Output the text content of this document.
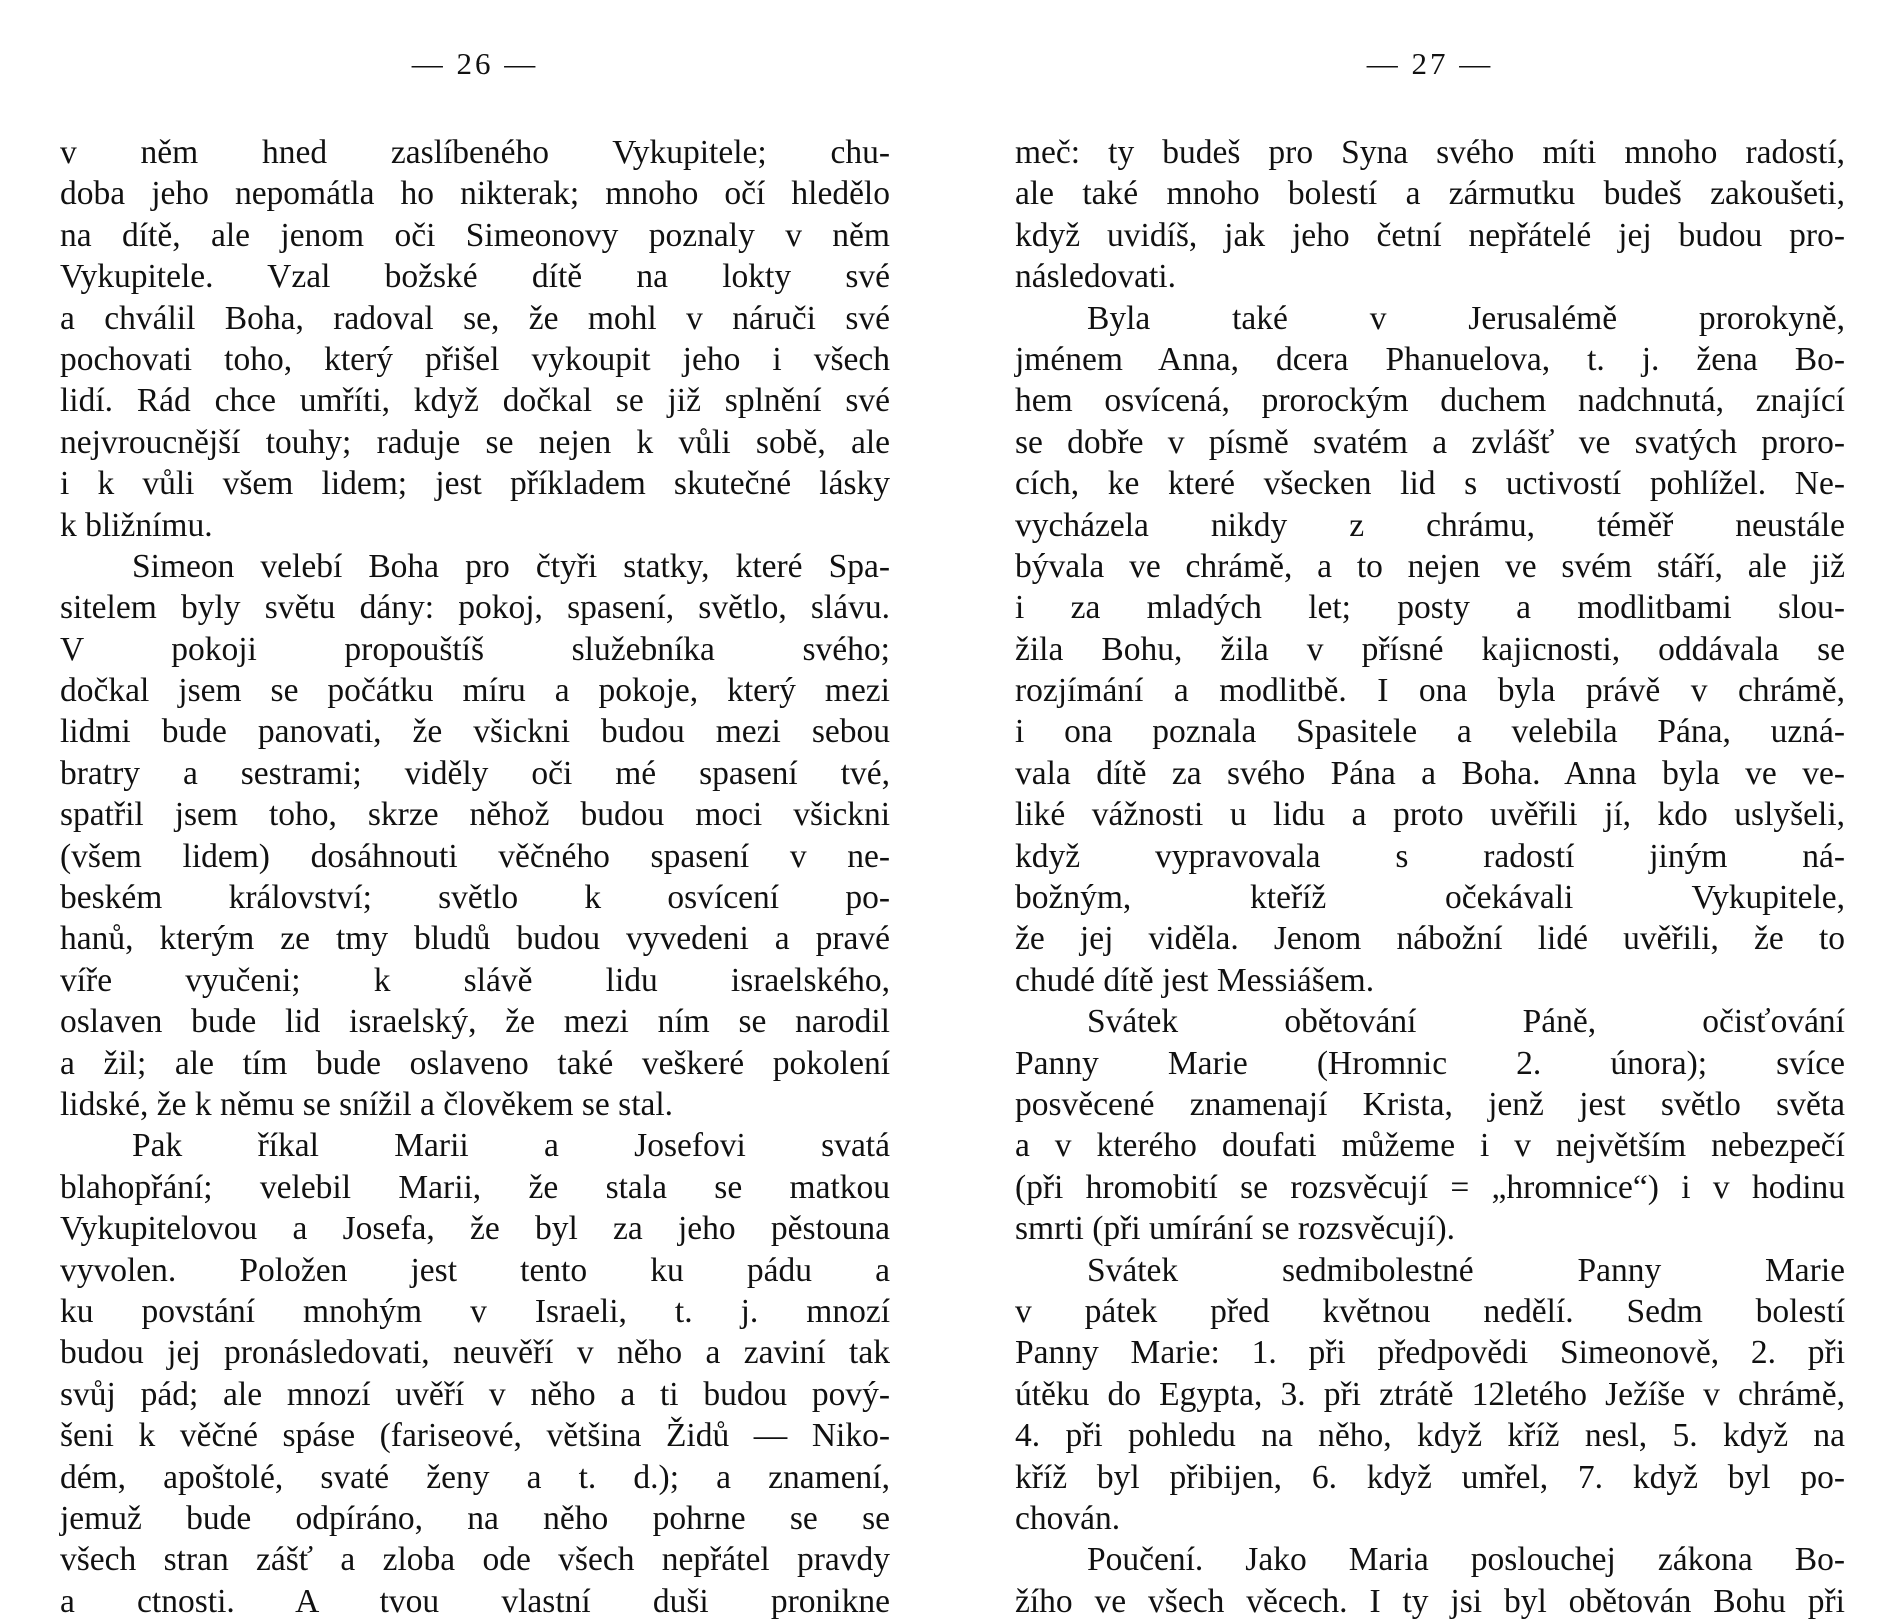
— 26 —
v něm hned zaslíbeného Vykupitele; chu-
doba jeho nepomátla ho nikterak; mnoho očí hledělo
na dítě, ale jenom oči Simeonovy poznaly v něm
Vykupitele. Vzal božské dítě na lokty své
a chválil Boha, radoval se, že mohl v náruči své
pochovati toho, který přišel vykoupit jeho i všech
lidí. Rád chce umříti, když dočkal se již splnění své
nejvroucnější touhy; raduje se nejen k vůli sobě, ale
i k vůli všem lidem; jest příkladem skutečné lásky
k bližnímu.
Simeon velebí Boha pro čtyři statky, které Spa-
sitelem byly světu dány: pokoj, spasení, světlo, slávu.
V pokoji propouštíš služebníka svého;
dočkal jsem se počátku míru a pokoje, který mezi
lidmi bude panovati, že všickni budou mezi sebou
bratry a sestrami; viděly oči mé spasení tvé,
spatřil jsem toho, skrze něhož budou moci všickni
(všem lidem) dosáhnouti věčného spasení v ne-
beském království; světlo k osvícení po-
hanů, kterým ze tmy bludů budou vyvedeni a pravé
víře vyučeni; k slávě lidu israelského,
oslaven bude lid israelský, že mezi ním se narodil
a žil; ale tím bude oslaveno také veškeré pokolení
lidské, že k němu se snížil a člověkem se stal.
Pak říkal Marii a Josefovi svatá
blahopřání; velebil Marii, že stala se matkou
Vykupitelovou a Josefa, že byl za jeho pěstouna
vyvolen. Položen jest tento ku pádu a
ku povstání mnohým v Israeli, t. j. mnozí
budou jej pronásledovati, neuvěří v něho a zaviní tak
svůj pád; ale mnozí uvěří v něho a ti budou pový-
šeni k věčné spáse (fariseové, většina Židů — Niko-
dém, apoštolé, svaté ženy a t. d.); a znamení,
jemuž bude odpíráno, na něho pohrne se se
všech stran zášť a zloba ode všech nepřátel pravdy
a ctnosti. A tvou vlastní duši pronikne
— 27 —
meč: ty budeš pro Syna svého míti mnoho radostí,
ale také mnoho bolestí a zármutku budeš zakoušeti,
když uvidíš, jak jeho četní nepřátelé jej budou pro-
následovati.
Byla také v Jerusalémě prorokyně,
jménem Anna, dcera Phanuelova, t. j. žena Bo-
hem osvícená, prorockým duchem nadchnutá, znající
se dobře v písmě svatém a zvlášť ve svatých proro-
cích, ke které všecken lid s uctivostí pohlížel. Ne-
vycházela nikdy z chrámu, téměř neustále
bývala ve chrámě, a to nejen ve svém stáří, ale již
i za mladých let; posty a modlitbami slou-
žila Bohu, žila v přísné kajicnosti, oddávala se
rozjímání a modlitbě. I ona byla právě v chrámě,
i ona poznala Spasitele a velebila Pána, uzná-
vala dítě za svého Pána a Boha. Anna byla ve ve-
liké vážnosti u lidu a proto uvěřili jí, kdo uslyšeli,
když vypravovala s radostí jiným ná-
božným, kteříž očekávali Vykupitele,
že jej viděla. Jenom nábožní lidé uvěřili, že to
chudé dítě jest Messiášem.
Svátek obětování Páně, očisťování
Panny Marie (Hromnic 2. února); svíce
posvěcené znamenají Krista, jenž jest světlo světa
a v kterého doufati můžeme i v největším nebezpečí
(při hromobití se rozsvěcují = „hromnice“) i v hodinu
smrti (při umírání se rozsvěcují).
Svátek sedmibolestné Panny Marie
v pátek před květnou nedělí. Sedm bolestí
Panny Marie: 1. při předpovědi Simeonově, 2. při
útěku do Egypta, 3. při ztrátě 12letého Ježíše v chrámě,
4. při pohledu na něho, když kříž nesl, 5. když na
kříž byl přibijen, 6. když umřel, 7. když byl po-
chován.
Poučení. Jako Maria poslouchej zákona Bo-
žího ve všech věcech. I ty jsi byl obětován Bohu při
